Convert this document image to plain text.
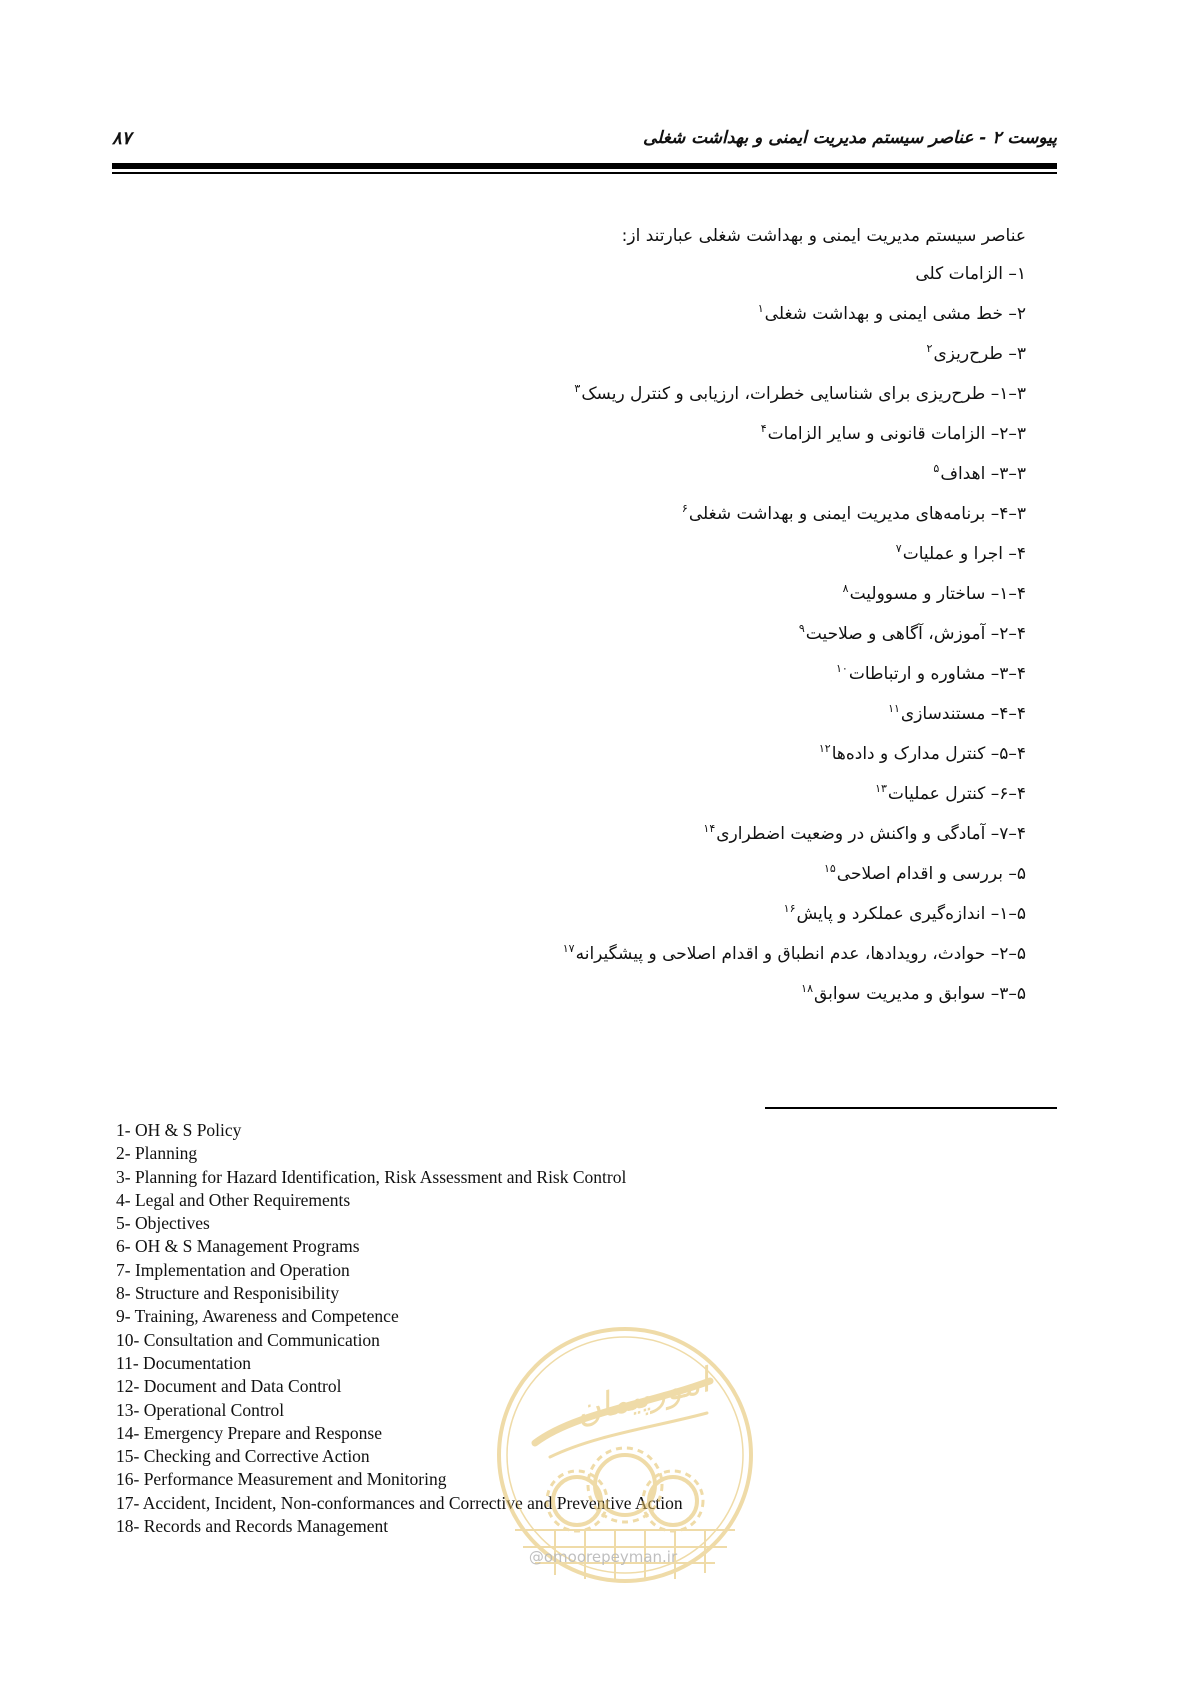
پیوست ۲ - عناصر سیستم مدیریت ایمنی و بهداشت شغلی
۸۷
عناصر سیستم مدیریت ایمنی و بهداشت شغلی عبارتند از:
۱– الزامات کلی
۲– خط مشی ایمنی و بهداشت شغلی$^۱$
۳– طرح‌ریزی$^۲$
۳–۱– طرح‌ریزی برای شناسایی خطرات، ارزیابی و کنترل ریسک$^۳$
۳–۲– الزامات قانونی و سایر الزامات$^۴$
۳–۳– اهداف$^۵$
۳–۴– برنامه‌های مدیریت ایمنی و بهداشت شغلی$^۶$
۴– اجرا و عملیات$^۷$
۴–۱– ساختار و مسوولیت$^۸$
۴–۲– آموزش، آگاهی و صلاحیت$^۹$
۴–۳– مشاوره و ارتباطات$^{۱۰}$
۴–۴– مستندسازی$^{۱۱}$
۴–۵– کنترل مدارک و داده‌ها$^{۱۲}$
۴–۶– کنترل عملیات$^{۱۳}$
۴–۷– آمادگی و واکنش در وضعیت اضطراری$^{۱۴}$
۵– بررسی و اقدام اصلاحی$^{۱۵}$
۵–۱– اندازه‌گیری عملکرد و پایش$^{۱۶}$
۵–۲– حوادث، رویدادها، عدم انطباق و اقدام اصلاحی و پیشگیرانه$^{۱۷}$
۵–۳– سوابق و مدیریت سوابق$^{۱۸}$
1- OH & S Policy
2- Planning
3- Planning for Hazard Identification, Risk Assessment and Risk Control
4- Legal and Other Requirements
5- Objectives
6- OH & S Management Programs
7- Implementation and Operation
8- Structure and Responisibility
9- Training, Awareness and Competence
10- Consultation and Communication
11- Documentation
12- Document and Data Control
13- Operational Control
14- Emergency Prepare and Response
15- Checking and Corrective Action
16- Performance Measurement and Monitoring
17- Accident, Incident, Non-conformances and Corrective and Preventive Action
18- Records and Records Management
امورپیمان
@omoorepeyman.ir
